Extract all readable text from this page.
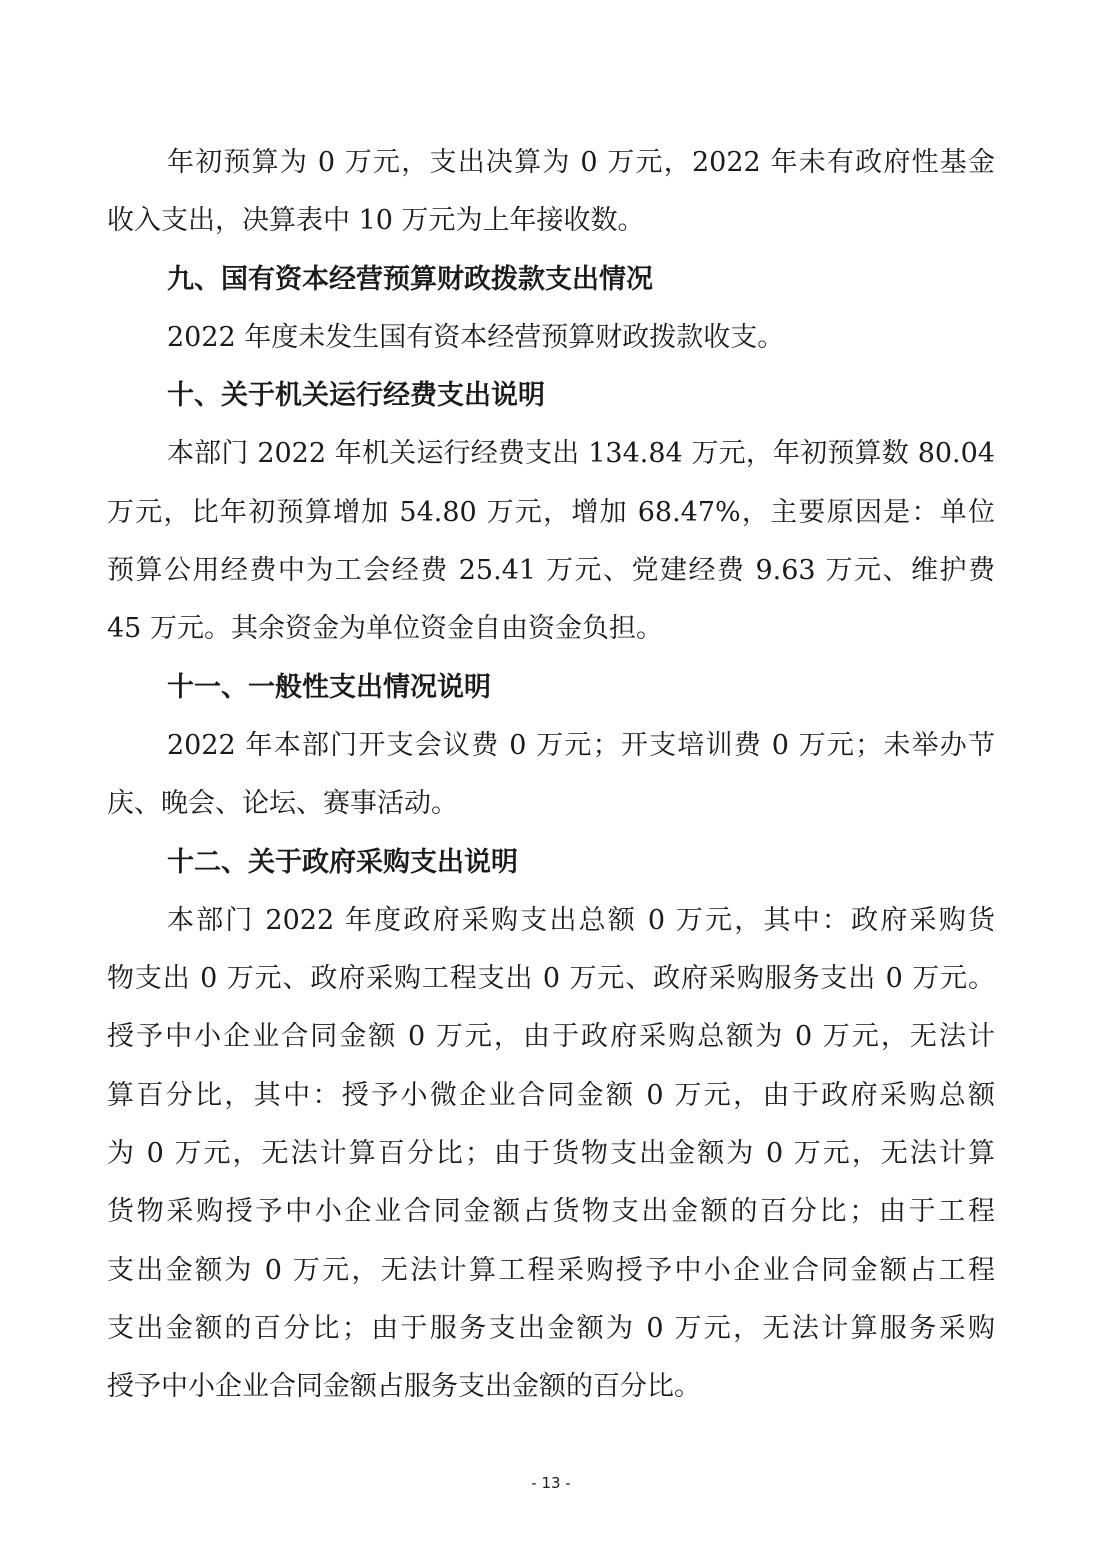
年初预算为 0 万元，支出决算为 0 万元，2022 年未有政府性基金
收入支出，决算表中 10 万元为上年接收数。
九、国有资本经营预算财政拨款支出情况
2022 年度未发生国有资本经营预算财政拨款收支。
十、关于机关运行经费支出说明
本部门 2022 年机关运行经费支出 134.84 万元，年初预算数 80.04
万元，比年初预算增加 54.80 万元，增加 68.47%，主要原因是：单位
预算公用经费中为工会经费 25.41 万元、党建经费 9.63 万元、维护费
45 万元。其余资金为单位资金自由资金负担。
十一、一般性支出情况说明
2022 年本部门开支会议费 0 万元；开支培训费 0 万元；未举办节
庆、晚会、论坛、赛事活动。
十二、关于政府采购支出说明
本部门 2022 年度政府采购支出总额 0 万元，其中：政府采购货
物支出 0 万元、政府采购工程支出 0 万元、政府采购服务支出 0 万元。
授予中小企业合同金额 0 万元，由于政府采购总额为 0 万元，无法计
算百分比，其中：授予小微企业合同金额 0 万元，由于政府采购总额
为 0 万元，无法计算百分比；由于货物支出金额为 0 万元，无法计算
货物采购授予中小企业合同金额占货物支出金额的百分比；由于工程
支出金额为 0 万元，无法计算工程采购授予中小企业合同金额占工程
支出金额的百分比；由于服务支出金额为 0 万元，无法计算服务采购
授予中小企业合同金额占服务支出金额的百分比。
- 13 -
